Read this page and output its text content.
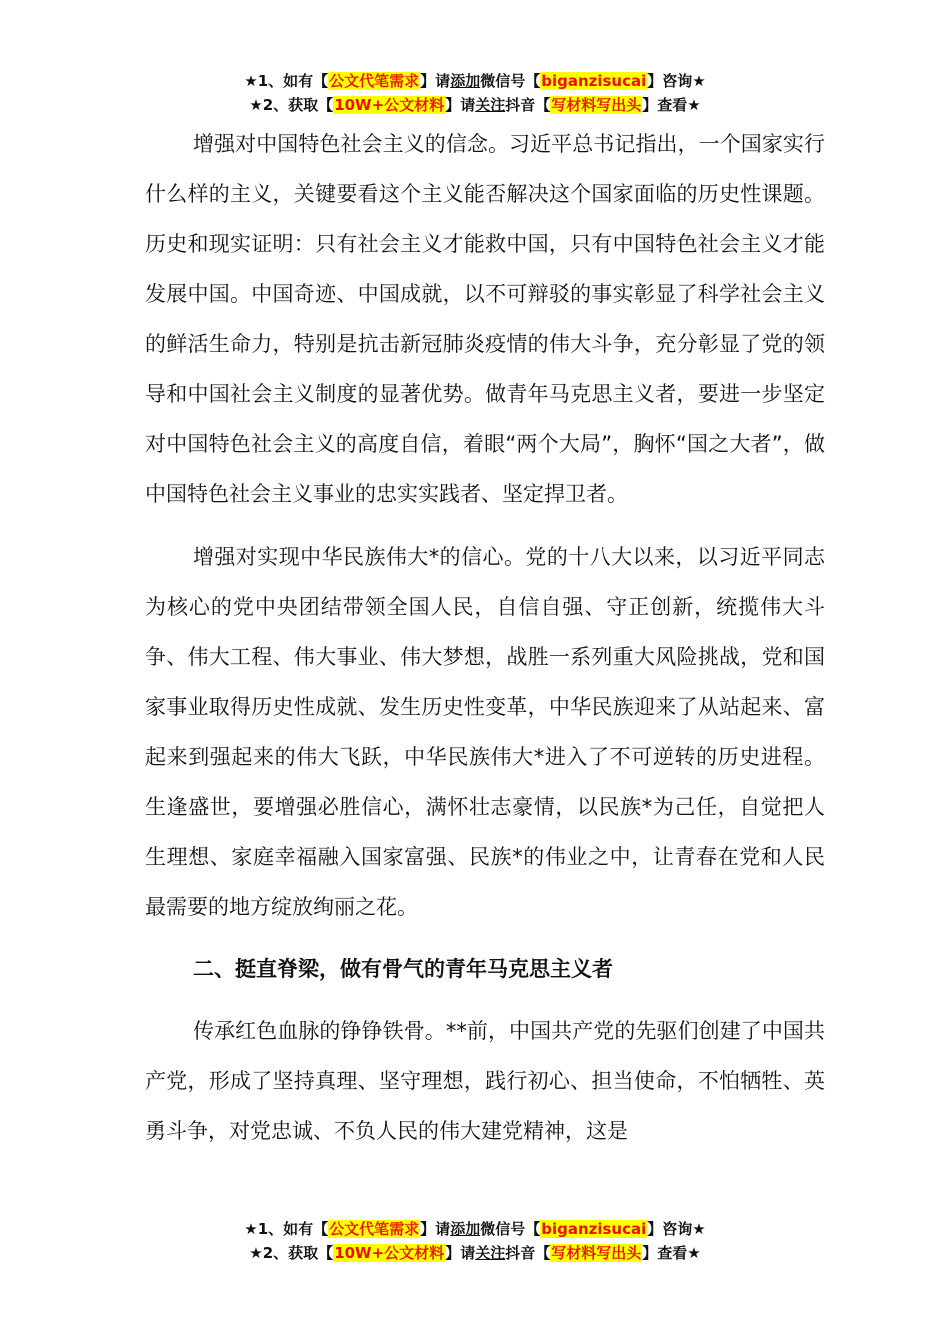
★1、如有【公文代笔需求】请添加微信号【biganzisucai】咨询★
★2、获取【10W+公文材料】请关注抖音【写材料写出头】查看★

增强对中国特色社会主义的信念。习近平总书记指出，一个国家实行什么样的主义，关键要看这个主义能否解决这个国家面临的历史性课题。历史和现实证明：只有社会主义才能救中国，只有中国特色社会主义才能发展中国。中国奇迹、中国成就，以不可辩驳的事实彰显了科学社会主义的鲜活生命力，特别是抗击新冠肺炎疫情的伟大斗争，充分彰显了党的领导和中国社会主义制度的显著优势。做青年马克思主义者，要进一步坚定对中国特色社会主义的高度自信，着眼“两个大局”，胸怀“国之大者”，做中国特色社会主义事业的忠实实践者、坚定捍卫者。

增强对实现中华民族伟大*的信心。党的十八大以来，以习近平同志为核心的党中央团结带领全国人民，自信自强、守正创新，统揽伟大斗争、伟大工程、伟大事业、伟大梦想，战胜一系列重大风险挑战，党和国家事业取得历史性成就、发生历史性变革，中华民族迎来了从站起来、富起来到强起来的伟大飞跃，中华民族伟大*进入了不可逆转的历史进程。生逢盛世，要增强必胜信心，满怀壮志豪情，以民族*为己任，自觉把人生理想、家庭幸福融入国家富强、民族*的伟业之中，让青春在党和人民最需要的地方绽放绚丽之花。

二、挺直脊梁，做有骨气的青年马克思主义者

传承红色血脉的铮铮铁骨。**前，中国共产党的先驱们创建了中国共产党，形成了坚持真理、坚守理想，践行初心、担当使命，不怕牺牲、英勇斗争，对党忠诚、不负人民的伟大建党精神，这是

★1、如有【公文代笔需求】请添加微信号【biganzisucai】咨询★
★2、获取【10W+公文材料】请关注抖音【写材料写出头】查看★
